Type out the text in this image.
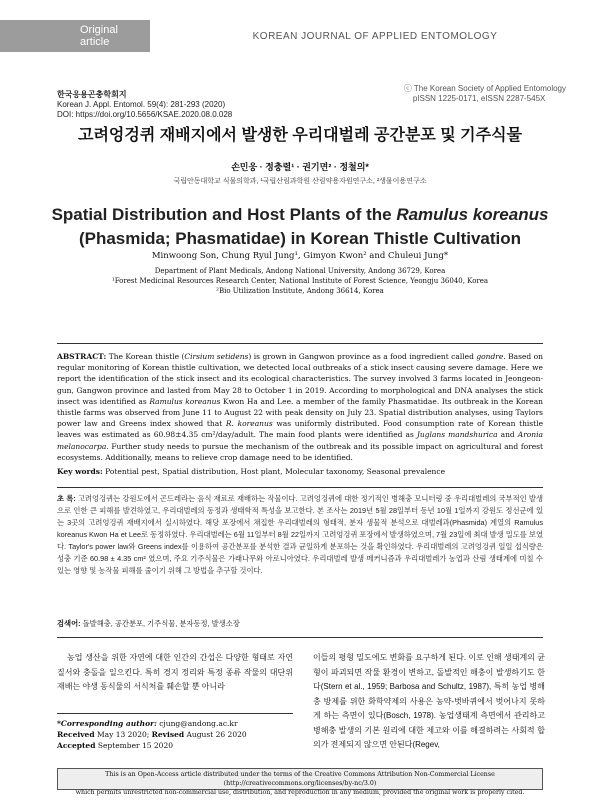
Original article	KOREAN JOURNAL OF APPLIED ENTOMOLOGY
한국응용곤충학회지
Korean J. Appl. Entomol. 59(4): 281-293 (2020)
DOI: https://doi.org/10.5656/KSAE.2020.08.0.028
ⓒ The Korean Society of Applied Entomology
pISSN 1225-0171, eISSN 2287-545X
고려엉겅퀴 재배지에서 발생한 우리대벌레 공간분포 및 기주식물
손민웅 · 정충렬¹ · 권기면² · 정철의*
국립안동대학교 식물의학과, ¹국립산림과학원 산림약용자원연구소, ²생물이용연구소
Spatial Distribution and Host Plants of the Ramulus koreanus (Phasmida; Phasmatidae) in Korean Thistle Cultivation
Minwoong Son, Chung Ryul Jung¹, Gimyon Kwon² and Chuleui Jung*
Department of Plant Medicals, Andong National University, Andong 36729, Korea
¹Forest Medicinal Resources Research Center, National Institute of Forest Science, Yeongju 36040, Korea
²Bio Utilization Institute, Andong 36614, Korea
ABSTRACT: The Korean thistle (Cirsium setidens) is grown in Gangwon province as a food ingredient called gondre. Based on regular monitoring of Korean thistle cultivation, we detected local outbreaks of a stick insect causing severe damage. Here we report the identification of the stick insect and its ecological characteristics. The survey involved 3 farms located in Jeongeon-gun, Gangwon province and lasted from May 28 to October 1 in 2019. According to morphological and DNA analyses the stick insect was identified as Ramulus koreanus Kwon Ha and Lee. a member of the family Phasmatidae. Its outbreak in the Korean thistle farms was observed from June 11 to August 22 with peak density on July 23. Spatial distribution analyses, using Taylors power law and Greens index showed that R. koreanus was uniformly distributed. Food consumption rate of Korean thistle leaves was estimated as 60.98±4.35 cm²/day/adult. The main food plants were identified as Juglans mandshurica and Aronia melanocarpa. Further study needs to pursue the mechanism of the outbreak and its possible impact on agricultural and forest ecosystems. Additionally, means to relieve crop damage need to be identified.
Key words: Potential pest, Spatial distribution, Host plant, Molecular taxonomy, Seasonal prevalence
초 록: 고려엉겅퀴는 강원도에서 곤드레라는 음식 재료로 재배하는 작물이다. 고려엉겅퀴에 대한 정기적인 병해충 모니터링 중 우리대벌레의 국부적인 발생으로 인한 큰 피해를 발견하였고, 우리대벌레의 동정과 생태학적 특성을 보고한다. 본 조사는 2019년 5월 28일부터 동년 10월 1일까지 강원도 정선군에 있는 3곳의 고려엉겅퀴 재배지에서 실시하였다. 해당 포장에서 채집한 우리대벌레의 형태적, 분자 생물적 분석으로 대벌레과(Phasmida) 계열의 Ramulus koreanus Kwon Ha et Lee로 동정하였다. 우리대벌레는 6월 11일부터 8월 22일까지 고려엉겅퀴 포장에서 발생하였으며, 7월 23일에 최대 발생 밀도를 보였다. Taylor's power law와 Greens index를 이용하여 공간분포를 분석한 결과 균일하게 분포하는 것을 확인하였다. 우리대벌레의 고려엉겅퀴 일일 섭식량은 성충 기준 60.98 ± 4.35 cm² 였으며, 주요 기주식물은 가래나무와 아로니아였다. 우리대벌레 발생 메커니즘과 우리대벌레가 농업과 산림 생태계에 미칠 수 있는 영향 및 농작물 피해를 줄이기 위해 그 방법을 추구할 것이다.
검색어: 돌발해충, 공간분포, 기주식물, 분자동정, 발생소장
농업 생산을 위한 자연에 대한 인간의 간섭은 다양한 형태로 자연 질서와 충돌을 일으킨다. 특히 경지 정리와 특정 종류 작물의 대단위 재배는 야생 동식물의 서식처를 훼손할 뿐 아니라
이들의 평형 밀도에도 변화를 요구하게 된다. 이로 인해 생태계의 균형이 파괴되면 작물 환경이 변하고, 돌발적인 해충이 발생하기도 한다(Stern et al., 1959; Barbosa and Schultz, 1987), 특히 농업 병해충 방제를 위한 화학약제의 사용은 농약-벗바퀴에서 벗어나지 못하게 하는 측면이 있다(Bosch, 1978). 농업생태계 측면에서 관리하고 병해충 발생의 기본 원리에 대한 제고와 이를 해결하려는 사회적 합의가 전제되지 않으면 안된다(Regev,
*Corresponding author: cjung@andong.ac.kr
Received May 13 2020; Revised August 26 2020
Accepted September 15 2020
This is an Open-Access article distributed under the terms of the Creative Commons Attribution Non-Commercial License (http://creativecommons.org/licenses/by-nc/3.0)
which permits unrestricted non-commercial use, distribution, and reproduction in any medium, provided the original work is properly cited.
